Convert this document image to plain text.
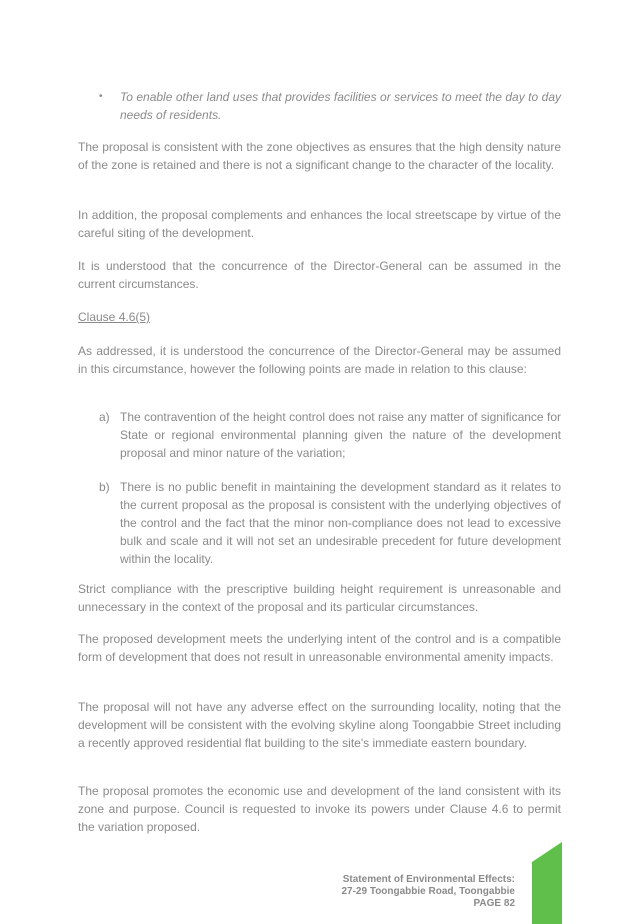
• To enable other land uses that provides facilities or services to meet the day to day needs of residents.

The proposal is consistent with the zone objectives as ensures that the high density nature of the zone is retained and there is not a significant change to the character of the locality.

In addition, the proposal complements and enhances the local streetscape by virtue of the careful siting of the development.

It is understood that the concurrence of the Director-General can be assumed in the current circumstances.

Clause 4.6(5)

As addressed, it is understood the concurrence of the Director-General may be assumed in this circumstance, however the following points are made in relation to this clause:

a) The contravention of the height control does not raise any matter of significance for State or regional environmental planning given the nature of the development proposal and minor nature of the variation;

b) There is no public benefit in maintaining the development standard as it relates to the current proposal as the proposal is consistent with the underlying objectives of the control and the fact that the minor non-compliance does not lead to excessive bulk and scale and it will not set an undesirable precedent for future development within the locality.

Strict compliance with the prescriptive building height requirement is unreasonable and unnecessary in the context of the proposal and its particular circumstances.

The proposed development meets the underlying intent of the control and is a compatible form of development that does not result in unreasonable environmental amenity impacts.

The proposal will not have any adverse effect on the surrounding locality, noting that the development will be consistent with the evolving skyline along Toongabbie Street including a recently approved residential flat building to the site's immediate eastern boundary.

The proposal promotes the economic use and development of the land consistent with its zone and purpose. Council is requested to invoke its powers under Clause 4.6 to permit the variation proposed.

Statement of Environmental Effects:
27-29 Toongabbie Road, Toongabbie
PAGE 82
